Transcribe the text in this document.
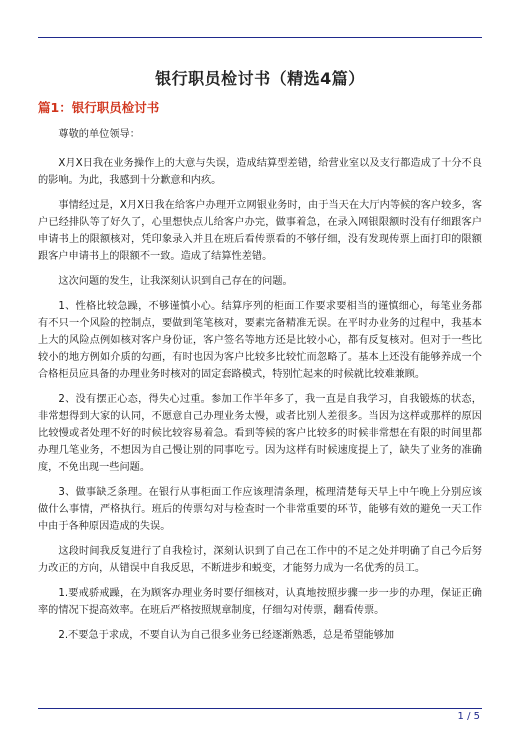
银行职员检讨书（精选4篇）
篇1：银行职员检讨书

尊敬的单位领导：

X月X日我在业务操作上的大意与失误，造成结算型差错，给营业室以及支行都造成了十分不良的影响。为此，我感到十分歉意和内疚。

事情经过是，X月X日我在给客户办理开立网银业务时，由于当天在大厅内等候的客户较多，客户已经排队等了好久了，心里想快点儿给客户办完，做事着急，在录入网银限额时没有仔细跟客户申请书上的限额核对，凭印象录入并且在班后看传票看的不够仔细，没有发现传票上面打印的限额跟客户申请书上的限额不一致。造成了结算性差错。

这次问题的发生，让我深刻认识到自己存在的问题。

1、性格比较急躁，不够谨慎小心。结算序列的柜面工作要求要相当的谨慎细心，每笔业务都有不只一个风险的控制点，要做到笔笔核对，要素完备精准无误。在平时办业务的过程中，我基本上大的风险点例如核对客户身份证，客户签名等地方还是比较小心，都有反复核对。但对于一些比较小的地方例如介质的勾画，有时也因为客户比较多比较忙而忽略了。基本上还没有能够养成一个合格柜员应具备的办理业务时核对的固定套路模式，特别忙起来的时候就比较难兼顾。

2、没有摆正心态，得失心过重。参加工作半年多了，我一直是自我学习，自我锻炼的状态，非常想得到大家的认同，不愿意自己办理业务太慢，或者比别人差很多。当因为这样或那样的原因比较慢或者处理不好的时候比较容易着急。看到等候的客户比较多的时候非常想在有限的时间里都办理几笔业务，不想因为自己慢让别的同事吃亏。因为这样有时候速度提上了，缺失了业务的准确度，不免出现一些问题。

3、做事缺乏条理。在银行从事柜面工作应该理清条理，梳理清楚每天早上中午晚上分别应该做什么事情，严格执行。班后的传票勾对与检查时一个非常重要的环节，能够有效的避免一天工作中由于各种原因造成的失误。

这段时间我反复进行了自我检讨，深刻认识到了自己在工作中的不足之处并明确了自己今后努力改正的方向，从错误中自我反思，不断进步和蜕变，才能努力成为一名优秀的员工。

1.要戒骄戒躁，在为顾客办理业务时要仔细核对，认真地按照步骤一步一步的办理，保证正确率的情况下提高效率。在班后严格按照规章制度，仔细勾对传票，翻看传票。

2.不要急于求成，不要自认为自己很多业务已经逐渐熟悉，总是希望能够加

1 / 5
